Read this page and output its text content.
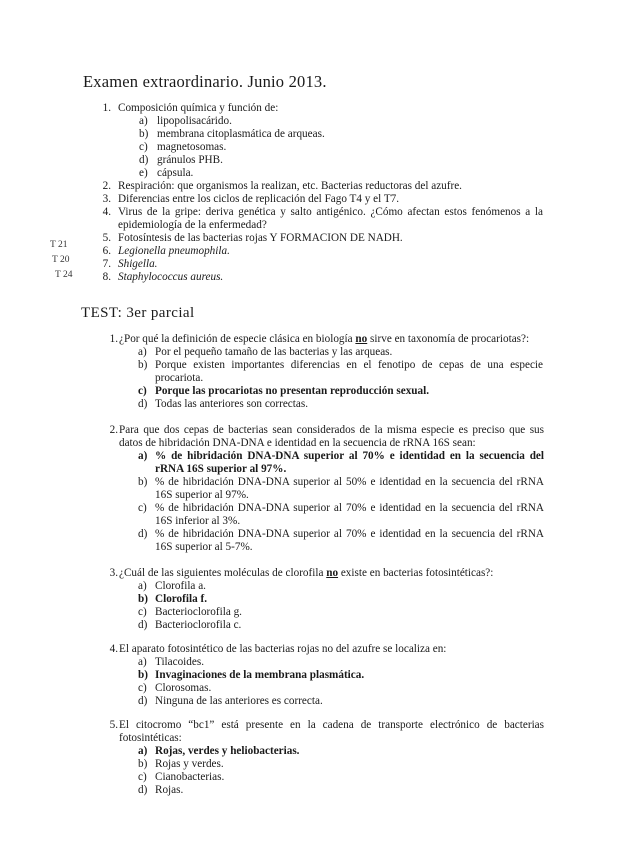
Examen extraordinario. Junio 2013.
1. Composición química y función de:
a) lipopolisacárido.
b) membrana citoplasmática de arqueas.
c) magnetosomas.
d) gránulos PHB.
e) cápsula.
2. Respiración: que organismos la realizan, etc. Bacterias reductoras del azufre.
3. Diferencias entre los ciclos de replicación del Fago T4 y el T7.
4. Virus de la gripe: deriva genética y salto antigénico. ¿Cómo afectan estos fenómenos a la
epidemiología de la enfermedad?
5. Fotosíntesis de las bacterias rojas Y FORMACION DE NADH.
T 21	6. Legionella pneumophila.
T 20	7. Shigella.
T 24	8. Staphylococcus aureus.
TEST: 3er parcial
1. ¿Por qué la definición de especie clásica en biología no sirve en taxonomía de procariotas?:
a) Por el pequeño tamaño de las bacterias y las arqueas.
b) Porque existen importantes diferencias en el fenotipo de cepas de una especie
procariota.
c) Porque las procariotas no presentan reproducción sexual.
d) Todas las anteriores son correctas.
2. Para que dos cepas de bacterias sean considerados de la misma especie es preciso que sus
datos de hibridación DNA-DNA e identidad en la secuencia de rRNA 16S sean:
a) % de hibridación DNA-DNA superior al 70% e identidad en la secuencia del
rRNA 16S superior al 97%.
b) % de hibridación DNA-DNA superior al 50% e identidad en la secuencia del rRNA
16S superior al 97%.
c) % de hibridación DNA-DNA superior al 70% e identidad en la secuencia del rRNA
16S inferior al 3%.
d) % de hibridación DNA-DNA superior al 70% e identidad en la secuencia del rRNA
16S superior al 5-7%.
3. ¿Cuál de las siguientes moléculas de clorofila no existe en bacterias fotosintéticas?:
a) Clorofila a.
b) Clorofila f.
c) Bacterioclorofila g.
d) Bacterioclorofila c.
4. El aparato fotosintético de las bacterias rojas no del azufre se localiza en:
a) Tilacoides.
b) Invaginaciones de la membrana plasmática.
c) Clorosomas.
d) Ninguna de las anteriores es correcta.
5. El citocromo “bc1” está presente en la cadena de transporte electrónico de bacterias
fotosintéticas:
a) Rojas, verdes y heliobacterias.
b) Rojas y verdes.
c) Cianobacterias.
d) Rojas.
